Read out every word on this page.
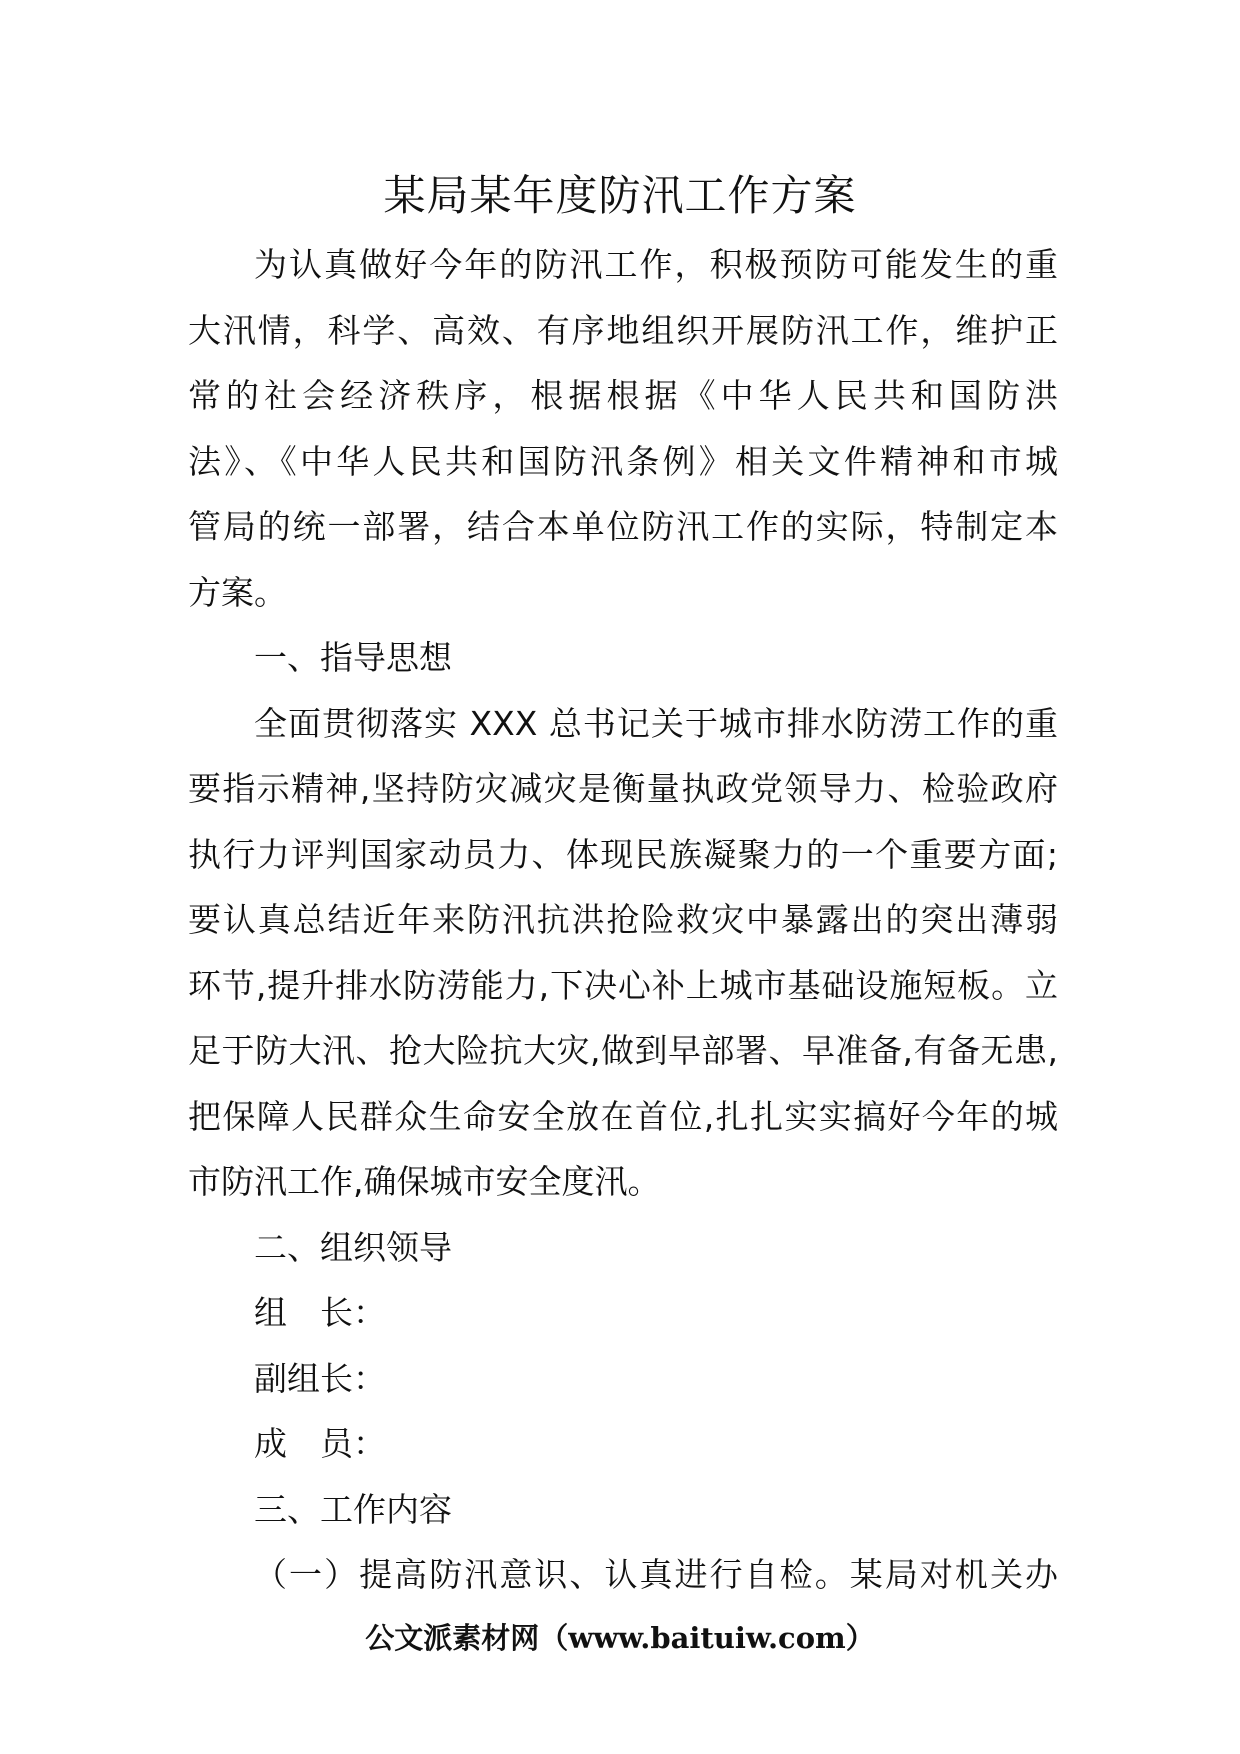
某局某年度防汛工作方案
为认真做好今年的防汛工作，积极预防可能发生的重
大汛情，科学、高效、有序地组织开展防汛工作，维护正
常的社会经济秩序，根据根据《中华人民共和国防洪
法》、《中华人民共和国防汛条例》相关文件精神和市城
管局的统一部署，结合本单位防汛工作的实际，特制定本
方案。
一、指导思想
全面贯彻落实 XXX 总书记关于城市排水防涝工作的重
要指示精神,坚持防灾减灾是衡量执政党领导力、检验政府
执行力评判国家动员力、体现民族凝聚力的一个重要方面;
要认真总结近年来防汛抗洪抢险救灾中暴露出的突出薄弱
环节,提升排水防涝能力,下决心补上城市基础设施短板。立
足于防大汛、抢大险抗大灾,做到早部署、早准备,有备无患,
把保障人民群众生命安全放在首位,扎扎实实搞好今年的城
市防汛工作,确保城市安全度汛。
二、组织领导
组　长：
副组长：
成　员：
三、工作内容
（一）提高防汛意识、认真进行自检。某局对机关办
公文派素材网（www.baituiw.com）
